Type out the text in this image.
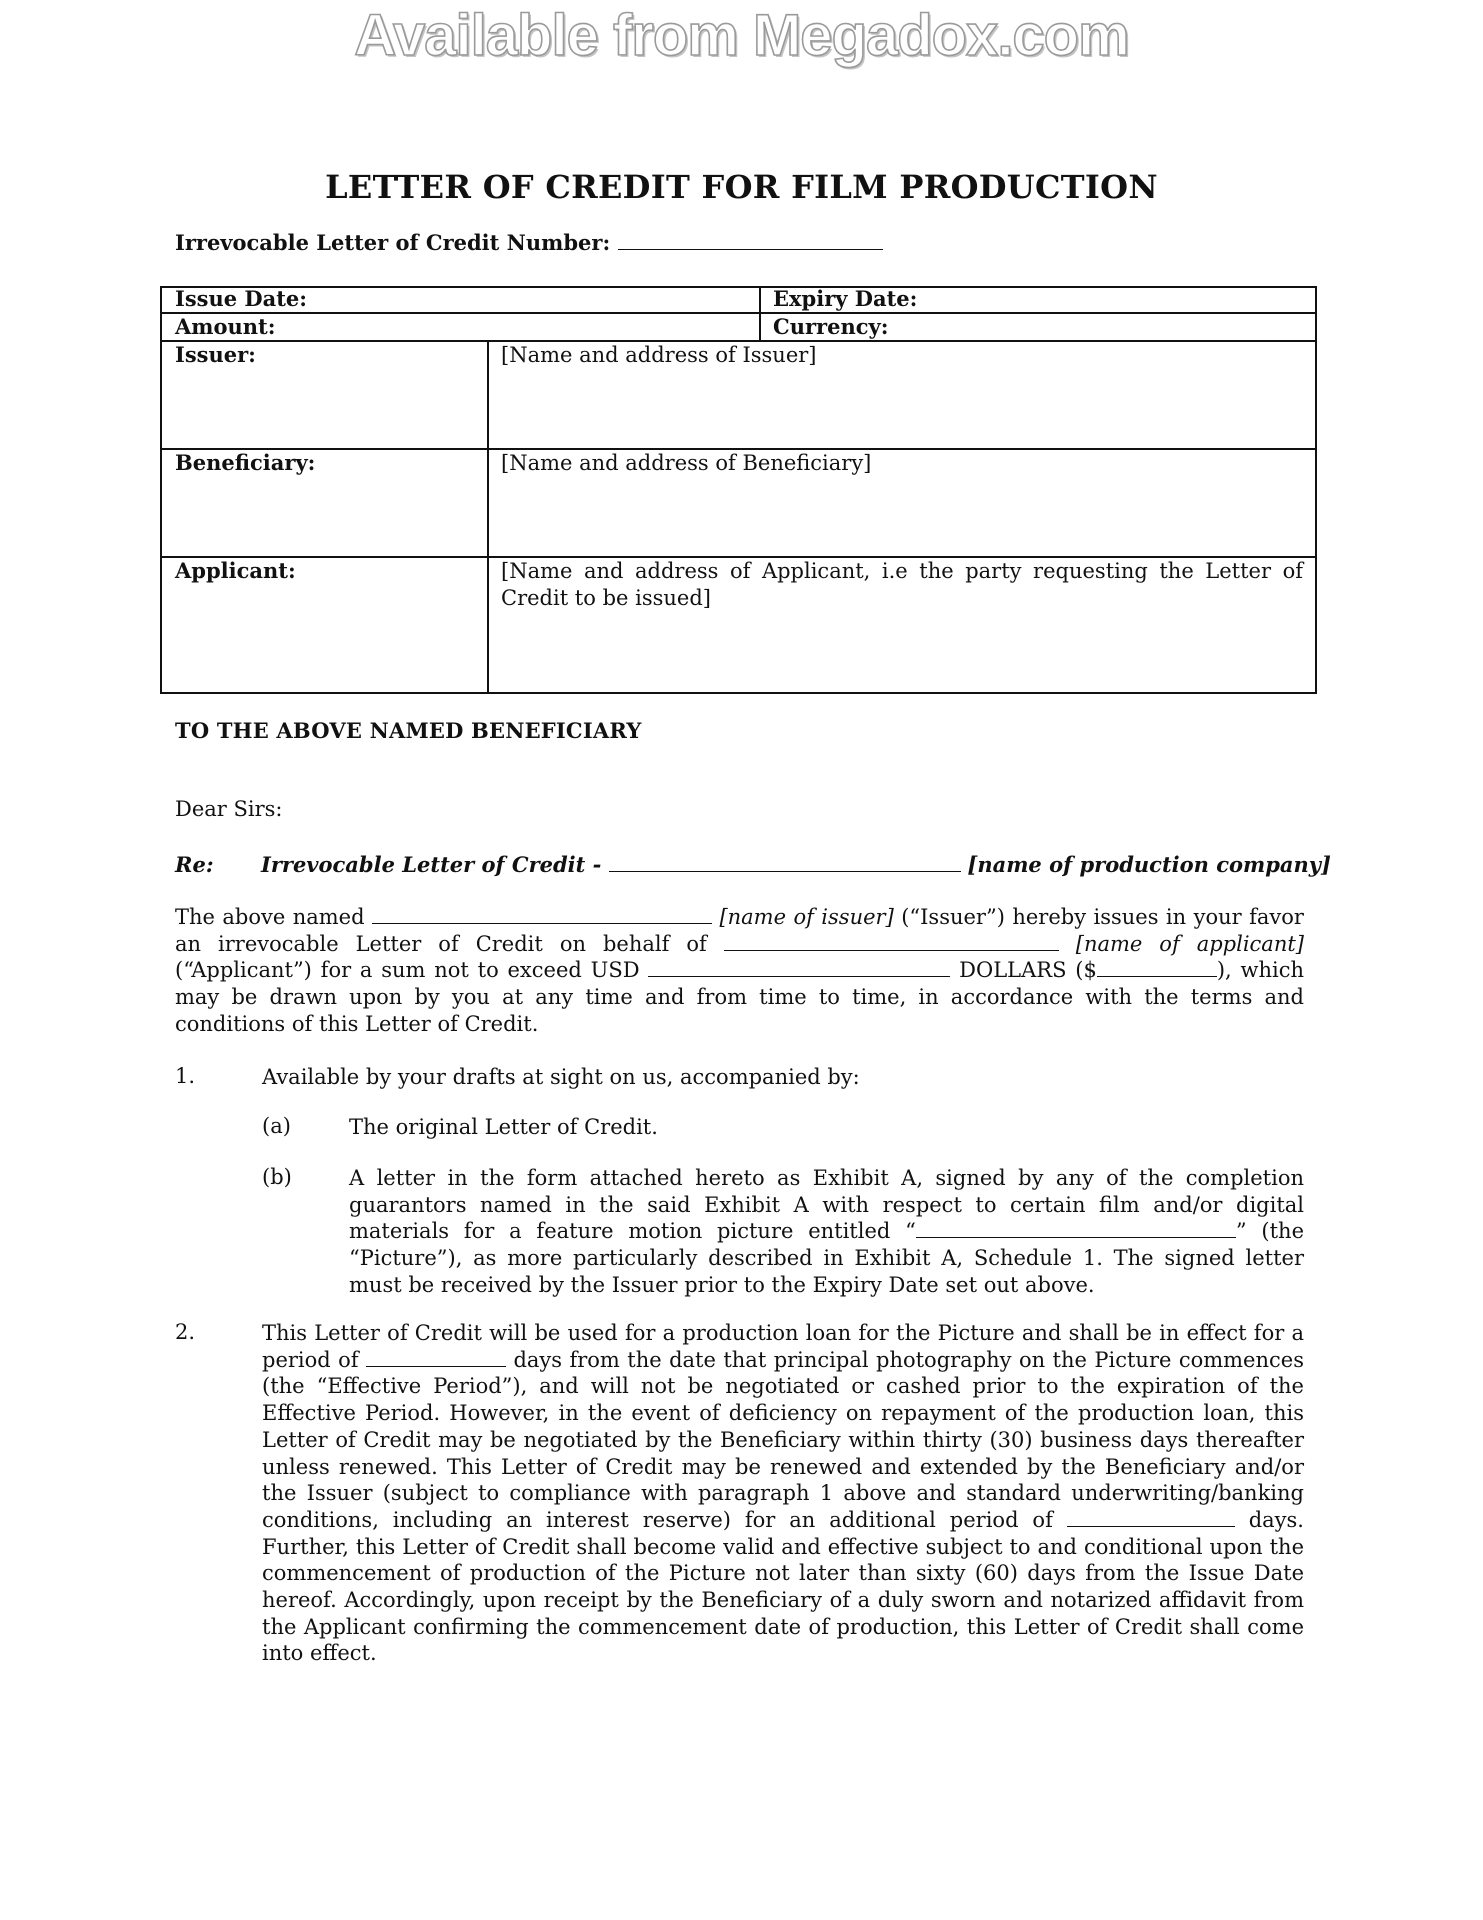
Available from Megadox.com
LETTER OF CREDIT FOR FILM PRODUCTION
Irrevocable Letter of Credit Number:
Issue Date:	Expiry Date:
Amount:	Currency:
Issuer:	[Name and address of Issuer]
Beneficiary:	[Name and address of Beneficiary]
Applicant:	[Name and address of Applicant, i.e the party requesting the Letter of Credit to be issued]
TO THE ABOVE NAMED BENEFICIARY
Dear Sirs:
Re: Irrevocable Letter of Credit -	[name of production company]
The above named	[name of issuer] (“Issuer”) hereby issues in your favor an irrevocable Letter of Credit on behalf of	[name of applicant] (“Applicant”) for a sum not to exceed USD	DOLLARS ($	), which may be drawn upon by you at any time and from time to time, in accordance with the terms and conditions of this Letter of Credit.
1.	Available by your drafts at sight on us, accompanied by:
(a)	The original Letter of Credit.
(b)	A letter in the form attached hereto as Exhibit A, signed by any of the completion guarantors named in the said Exhibit A with respect to certain film and/or digital materials for a feature motion picture entitled “	” (the “Picture”), as more particularly described in Exhibit A, Schedule 1. The signed letter must be received by the Issuer prior to the Expiry Date set out above.
2.	This Letter of Credit will be used for a production loan for the Picture and shall be in effect for a period of	days from the date that principal photography on the Picture commences (the “Effective Period”), and will not be negotiated or cashed prior to the expiration of the Effective Period. However, in the event of deficiency on repayment of the production loan, this Letter of Credit may be negotiated by the Beneficiary within thirty (30) business days thereafter unless renewed. This Letter of Credit may be renewed and extended by the Beneficiary and/or the Issuer (subject to compliance with paragraph 1 above and standard underwriting/banking conditions, including an interest reserve) for an additional period of	days. Further, this Letter of Credit shall become valid and effective subject to and conditional upon the commencement of production of the Picture not later than sixty (60) days from the Issue Date hereof. Accordingly, upon receipt by the Beneficiary of a duly sworn and notarized affidavit from the Applicant confirming the commencement date of production, this Letter of Credit shall come into effect.
